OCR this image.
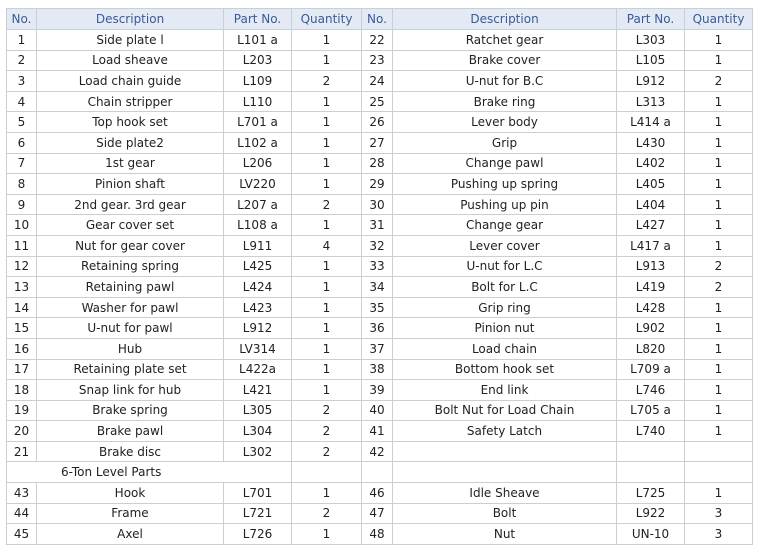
No.	Description	Part No.	Quantity	No.	Description	Part No.	Quantity
1	Side plate l	L101 a	1	22	Ratchet gear	L303	1
2	Load sheave	L203	1	23	Brake cover	L105	1
3	Load chain guide	L109	2	24	U-nut for B.C	L912	2
4	Chain stripper	L110	1	25	Brake ring	L313	1
5	Top hook set	L701 a	1	26	Lever body	L414 a	1
6	Side plate2	L102 a	1	27	Grip	L430	1
7	1st gear	L206	1	28	Change pawl	L402	1
8	Pinion shaft	LV220	1	29	Pushing up spring	L405	1
9	2nd gear. 3rd gear	L207 a	2	30	Pushing up pin	L404	1
10	Gear cover set	L108 a	1	31	Change gear	L427	1
11	Nut for gear cover	L911	4	32	Lever cover	L417 a	1
12	Retaining spring	L425	1	33	U-nut for L.C	L913	2
13	Retaining pawl	L424	1	34	Bolt for L.C	L419	2
14	Washer for pawl	L423	1	35	Grip ring	L428	1
15	U-nut for pawl	L912	1	36	Pinion nut	L902	1
16	Hub	LV314	1	37	Load chain	L820	1
17	Retaining plate set	L422a	1	38	Bottom hook set	L709 a	1
18	Snap link for hub	L421	1	39	End link	L746	1
19	Brake spring	L305	2	40	Bolt Nut for Load Chain	L705 a	1
20	Brake pawl	L304	2	41	Safety Latch	L740	1
21	Brake disc	L302	2	42			
6-Ton Level Parts							
43	Hook	L701	1	46	Idle Sheave	L725	1
44	Frame	L721	2	47	Bolt	L922	3
45	Axel	L726	1	48	Nut	UN-10	3
